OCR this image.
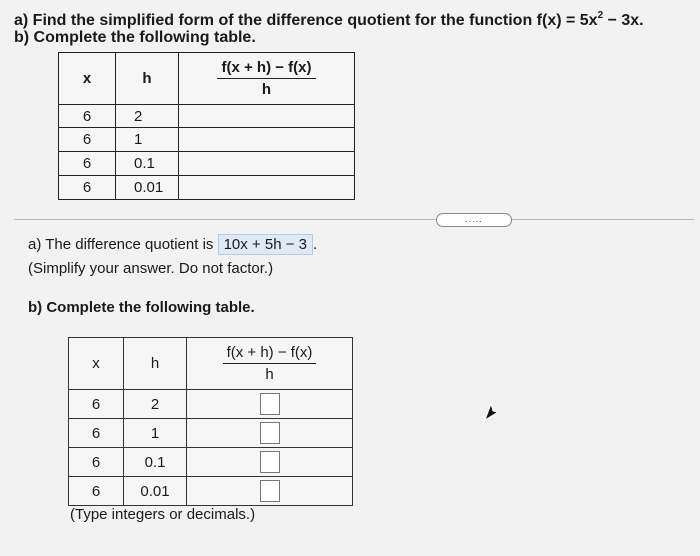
a) Find the simplified form of the difference quotient for the function $f(x) = 5x^2 - 3x$.
b) Complete the following table.
x	h	$\frac{f(x + h) - f(x)}{h}$

6	2	
6	1	
6	0.1	
6	0.01	
.....
a) The difference quotient is 10x + 5h − 3 .
(Simplify your answer. Do not factor.)
b) Complete the following table.
x	h	$\frac{f(x + h) - f(x)}{h}$

6	2	
6	1	
6	0.1	
6	0.01	
(Type integers or decimals.)
